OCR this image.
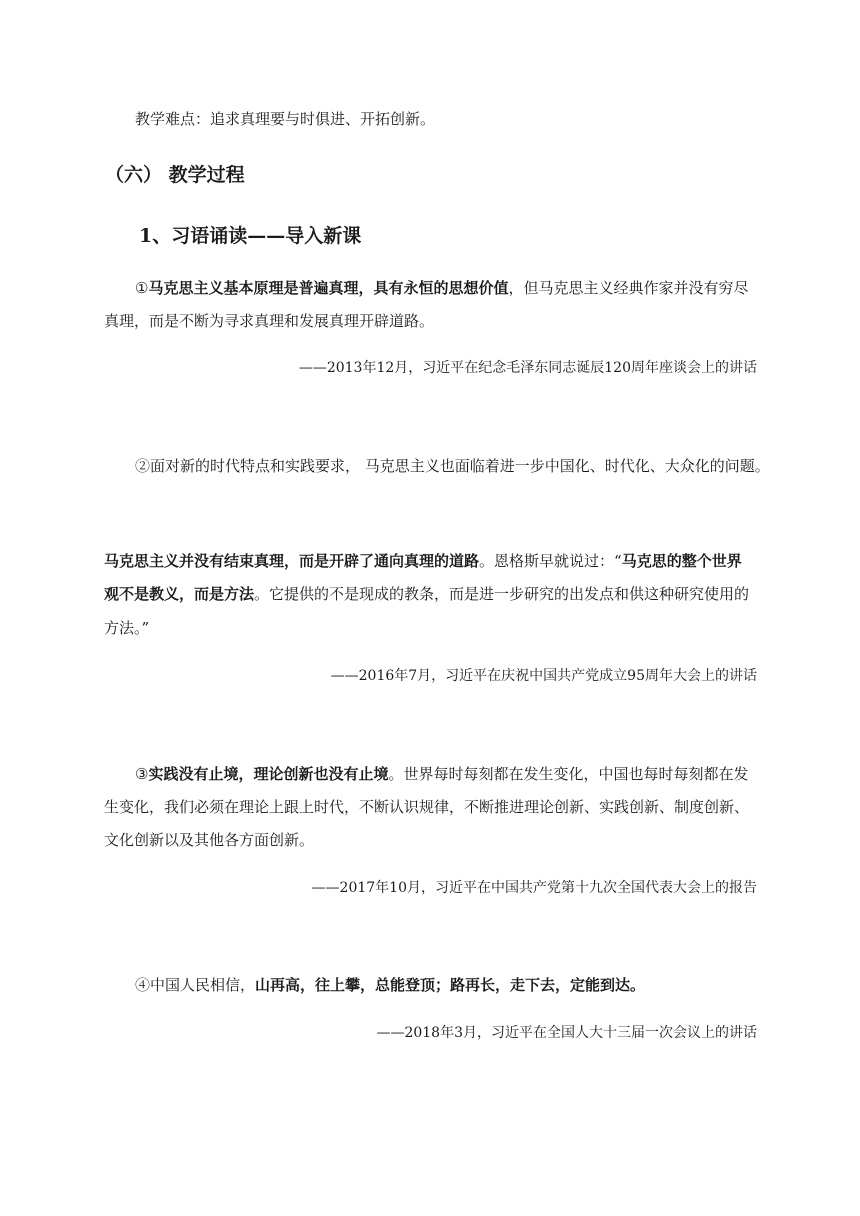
教学难点：追求真理要与时俱进、开拓创新。
（六） 教学过程
1、习语诵读——导入新课
①马克思主义基本原理是普遍真理，具有永恒的思想价值，但马克思主义经典作家并没有穷尽
真理，而是不断为寻求真理和发展真理开辟道路。
——2013年12月，习近平在纪念毛泽东同志诞辰120周年座谈会上的讲话
②面对新的时代特点和实践要求， 马克思主义也面临着进一步中国化、时代化、大众化的问题。
马克思主义并没有结束真理，而是开辟了通向真理的道路。恩格斯早就说过：“马克思的整个世界
观不是教义，而是方法。它提供的不是现成的教条，而是进一步研究的出发点和供这种研究使用的
方法。”
——2016年7月，习近平在庆祝中国共产党成立95周年大会上的讲话
③实践没有止境，理论创新也没有止境。世界每时每刻都在发生变化，中国也每时每刻都在发
生变化，我们必须在理论上跟上时代，不断认识规律，不断推进理论创新、实践创新、制度创新、
文化创新以及其他各方面创新。
——2017年10月，习近平在中国共产党第十九次全国代表大会上的报告
④中国人民相信，山再高，往上攀，总能登顶；路再长，走下去，定能到达。
——2018年3月，习近平在全国人大十三届一次会议上的讲话
